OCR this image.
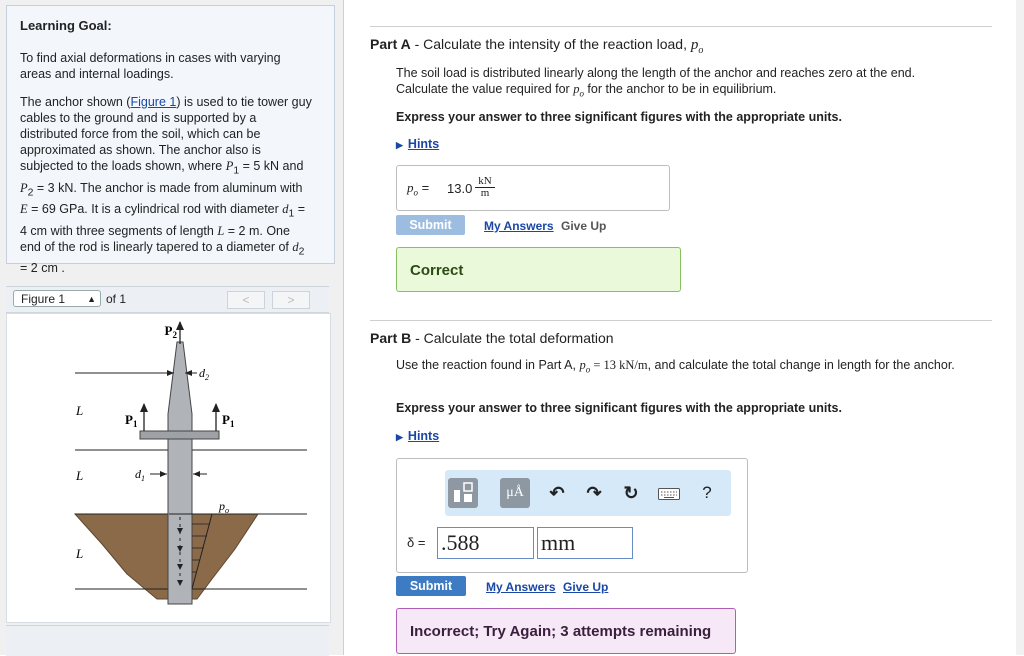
Learning Goal:

To find axial deformations in cases with varying areas and internal loadings.

The anchor shown (Figure 1) is used to tie tower guy cables to the ground and is supported by a distributed force from the soil, which can be approximated as shown. The anchor also is subjected to the loads shown, where $P_1 = 5$ kN and $P_2 = 3$ kN. The anchor is made from aluminum with E = 69 GPa. It is a cylindrical rod with diameter $d_1 = 4$ cm with three segments of length L = 2 m. One end of the rod is linearly tapered to a diameter of $d_2 = 2$ cm .

Figure 1 ▲ of 1	<	>
$P_2$
$d_2$
$P_1$	$P_1$
$d_1$
$p_o$
L
L
L
Part A - Calculate the intensity of the reaction load, $p_o$
The soil load is distributed linearly along the length of the anchor and reaches zero at the end.
Calculate the value required for $p_o$ for the anchor to be in equilibrium.
Express your answer to three significant figures with the appropriate units.
▶ Hints
$p_o = 13.0$ kN
m
Submit	My Answers Give Up
Correct
Part B - Calculate the total deformation
Use the reaction found in Part A, $p_o = 13$ kN/m, and calculate the total change in length for the anchor.
Express your answer to three significant figures with the appropriate units.
▶ Hints
μÅ	↶ ↷ ↻	?
δ = .588	mm
Submit	My Answers Give Up
Incorrect; Try Again; 3 attempts remaining
